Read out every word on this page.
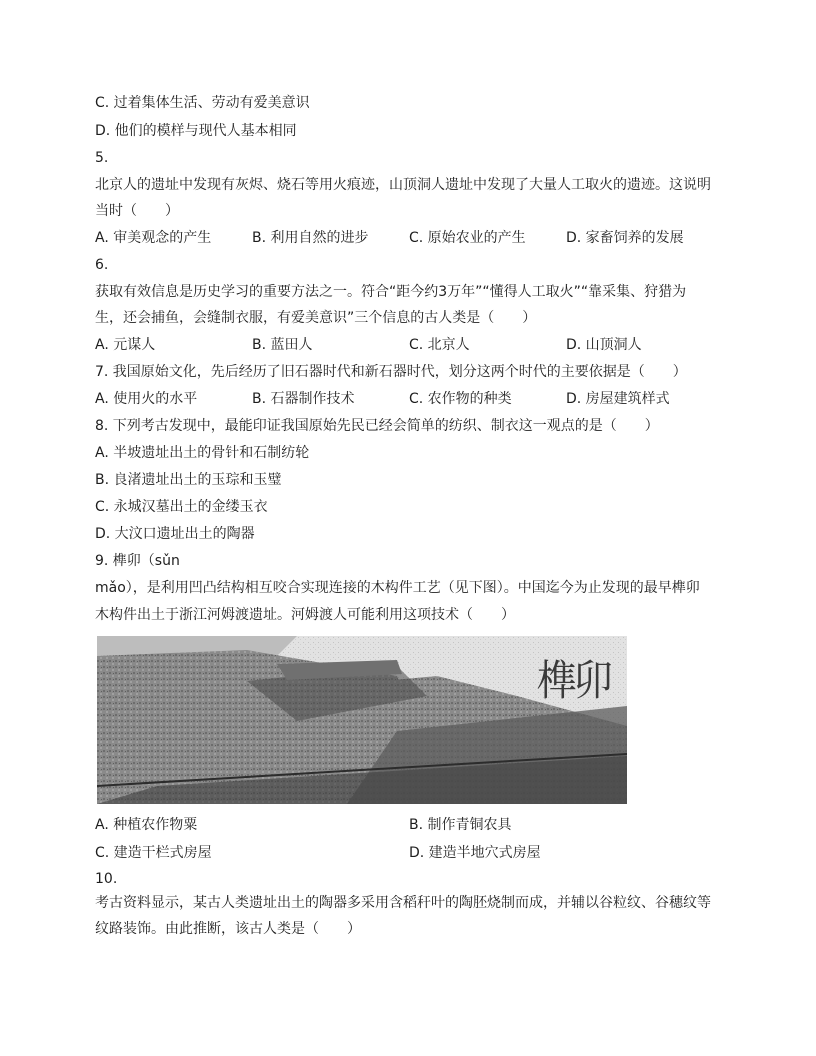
C. 过着集体生活、劳动有爱美意识
D. 他们的模样与现代人基本相同
5.
北京人的遗址中发现有灰烬、烧石等用火痕迹，山顶洞人遗址中发现了大量人工取火的遗迹。这说明
当时（　　）
A. 审美观念的产生	B. 利用自然的进步	C. 原始农业的产生	D. 家畜饲养的发展
6.
获取有效信息是历史学习的重要方法之一。符合“距今约3万年”“懂得人工取火”“靠采集、狩猎为
生，还会捕鱼，会缝制衣服，有爱美意识”三个信息的古人类是（　　）
A. 元谋人	B. 蓝田人	C. 北京人	D. 山顶洞人
7. 我国原始文化，先后经历了旧石器时代和新石器时代，划分这两个时代的主要依据是（　　）
A. 使用火的水平	B. 石器制作技术	C. 农作物的种类	D. 房屋建筑样式
8. 下列考古发现中，最能印证我国原始先民已经会简单的纺织、制衣这一观点的是（　　）
A. 半坡遗址出土的骨针和石制纺轮
B. 良渚遗址出土的玉琮和玉璧
C. 永城汉墓出土的金缕玉衣
D. 大汶口遗址出土的陶器
9. 榫卯（sǔn
mǎo），是利用凹凸结构相互咬合实现连接的木构件工艺（见下图）。中国迄今为止发现的最早榫卯
木构件出土于浙江河姆渡遗址。河姆渡人可能利用这项技术（　　）
榫卯
A. 种植农作物粟	B. 制作青铜农具
C. 建造干栏式房屋	D. 建造半地穴式房屋
10.
考古资料显示，某古人类遗址出土的陶器多采用含稻秆叶的陶胚烧制而成，并辅以谷粒纹、谷穗纹等
纹路装饰。由此推断，该古人类是（　　）
